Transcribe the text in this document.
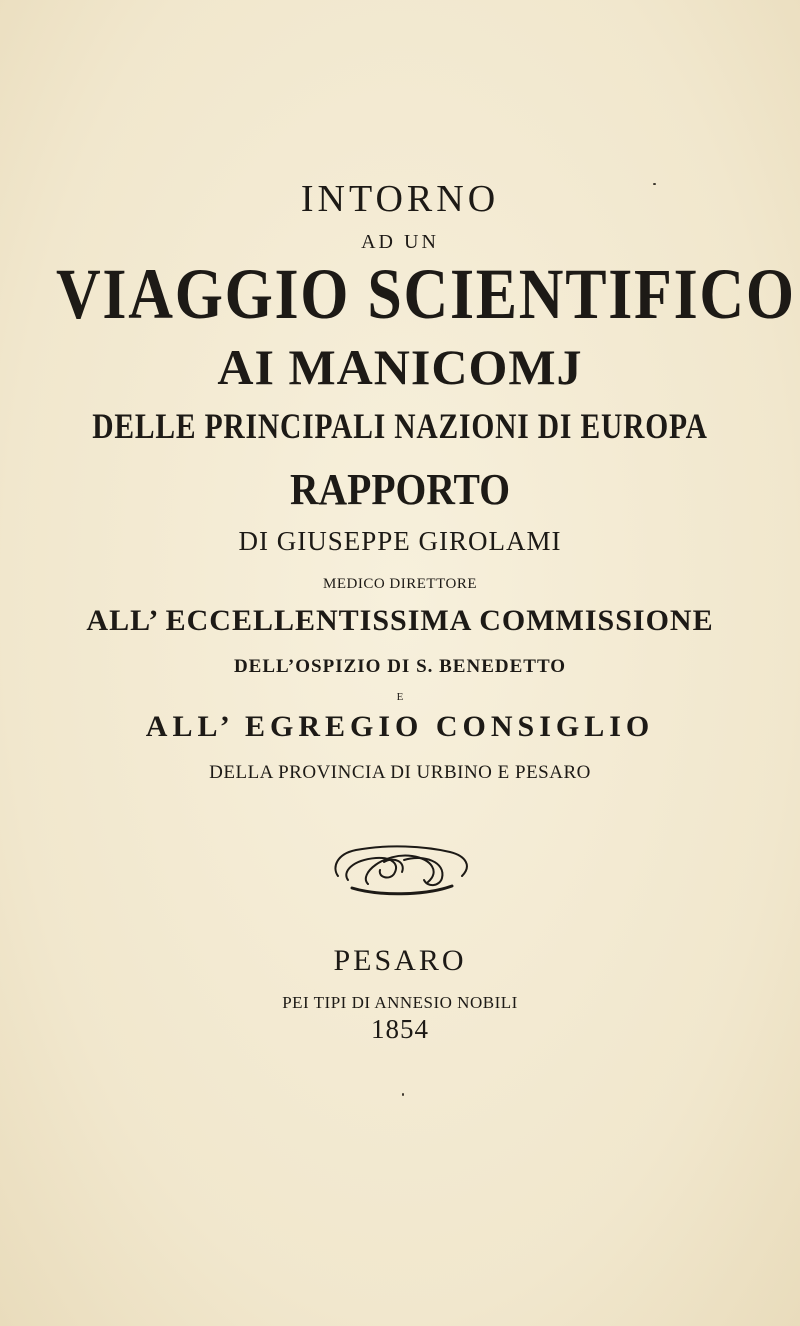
INTORNO
AD UN
VIAGGIO SCIENTIFICO
AI MANICOMJ
DELLE PRINCIPALI NAZIONI DI EUROPA
RAPPORTO
DI GIUSEPPE GIROLAMI
MEDICO DIRETTORE
ALL’ ECCELLENTISSIMA COMMISSIONE
DELL’OSPIZIO DI S. BENEDETTO
E
ALL’ EGREGIO CONSIGLIO
DELLA PROVINCIA DI URBINO E PESARO
PESARO
PEI TIPI DI ANNESIO NOBILI
1854
